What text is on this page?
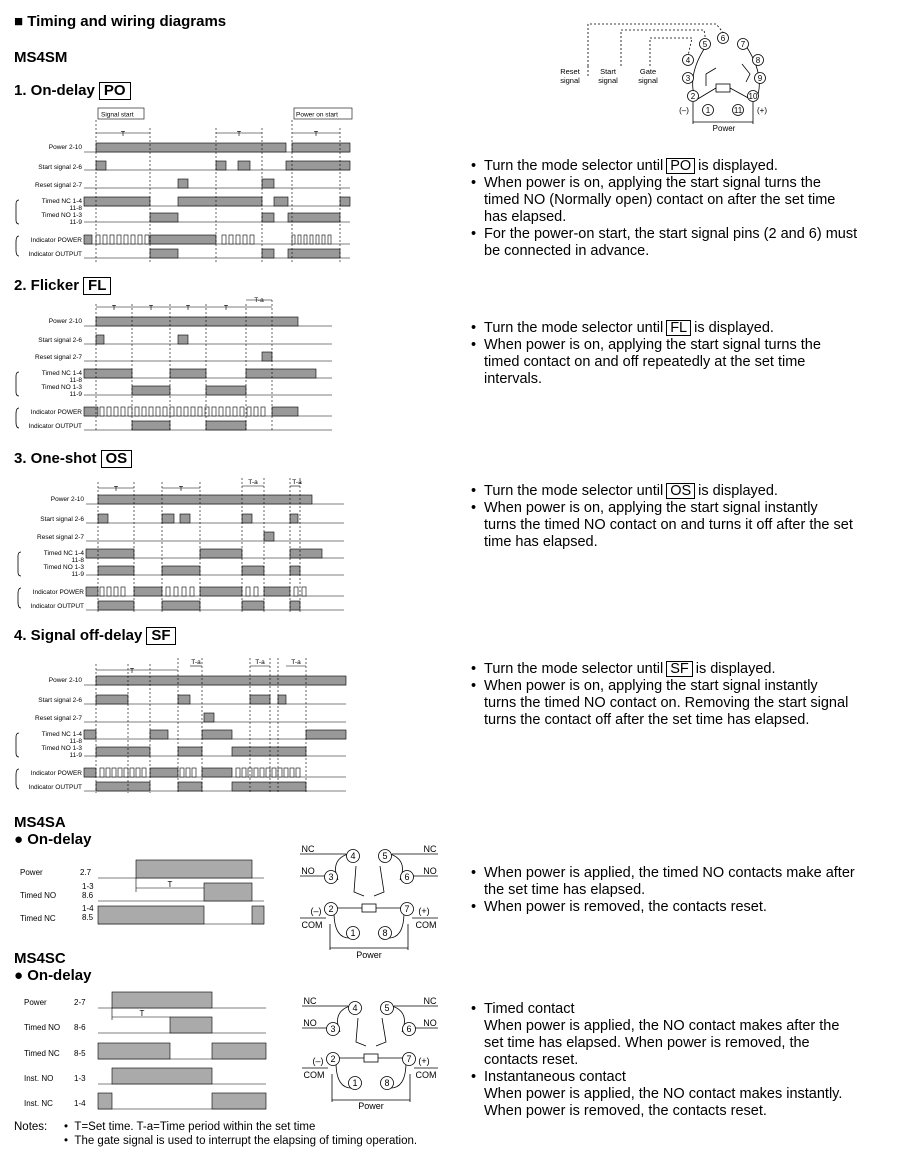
■ Timing and wiring diagrams
MS4SM
1. On-delay PO
2. Flicker FL
3. One-shot OS
4. Signal off-delay SF
MS4SA
● On-delay
MS4SC
● On-delay
Power 2-10
Start signal 2-6
Reset signal 2-7
Timed NC 1-4
11-8
Timed NO 1-3
11-9
Indicator POWER
Indicator OUTPUT
Signal start	Power on start
T	T	T
Power 2-10
Start signal 2-6
Reset signal 2-7
Timed NC 1-4
11-8
Timed NO 1-3
11-9
Indicator POWER
Indicator OUTPUT
T	T	T	T
T-a
Power 2-10
Start signal 2-6
Reset signal 2-7
Timed NC 1-4
11-8
Timed NO 1-3
11-9
Indicator POWER
Indicator OUTPUT
T	T
T-a	T-a
Power 2-10
Start signal 2-6
Reset signal 2-7
Timed NC 1-4
11-8
Timed NO 1-3
11-9
Indicator POWER
Indicator OUTPUT
T
T-a	T-a	T-a
Reset
signal
Start
signal
Gate
signal
1
2
3
4
5
6
7
8
9
10
11
(–)	(+)
Power
• Turn the mode selector until PO is displayed.
• When power is on, applying the start signal turns the
timed NO (Normally open) contact on after the set time
has elapsed.
• For the power-on start, the start signal pins (2 and 6) must
be connected in advance.
• Turn the mode selector until FL is displayed.
• When power is on, applying the start signal turns the
timed contact on and off repeatedly at the set time
intervals.
• Turn the mode selector until OS is displayed.
• When power is on, applying the start signal instantly
turns the timed NO contact on and turns it off after the set
time has elapsed.
• Turn the mode selector until SF is displayed.
• When power is on, applying the start signal instantly
turns the timed NO contact on. Removing the start signal
turns the contact off after the set time has elapsed.
• When power is applied, the timed NO contacts make after
the set time has elapsed.
• When power is removed, the contacts reset.
• Timed contact
When power is applied, the NO contact makes after the
set time has elapsed. When power is removed, the
contacts reset.
• Instantaneous contact
When power is applied, the NO contact makes instantly.
When power is removed, the contacts reset.
Power	2.7
Timed NO
1-3
8.6
Timed NC
1-4
8.5
T
Power	2-7
Timed NO 8-6
Timed NC 8-5
Inst. NO	1-3
Inst. NC	1-4
T
NC	NC
NO	NO
(–)
COM
(+)
COM
Power
1
2
3
4	5
6
7
8
NC	NC
NO	NO
(–)
COM
(+)
COM
Power
1
2
3
4	5
6
7
8
Notes:	•  T=Set time. T-a=Time period within the set time
•  The gate signal is used to interrupt the elapsing of timing operation.
